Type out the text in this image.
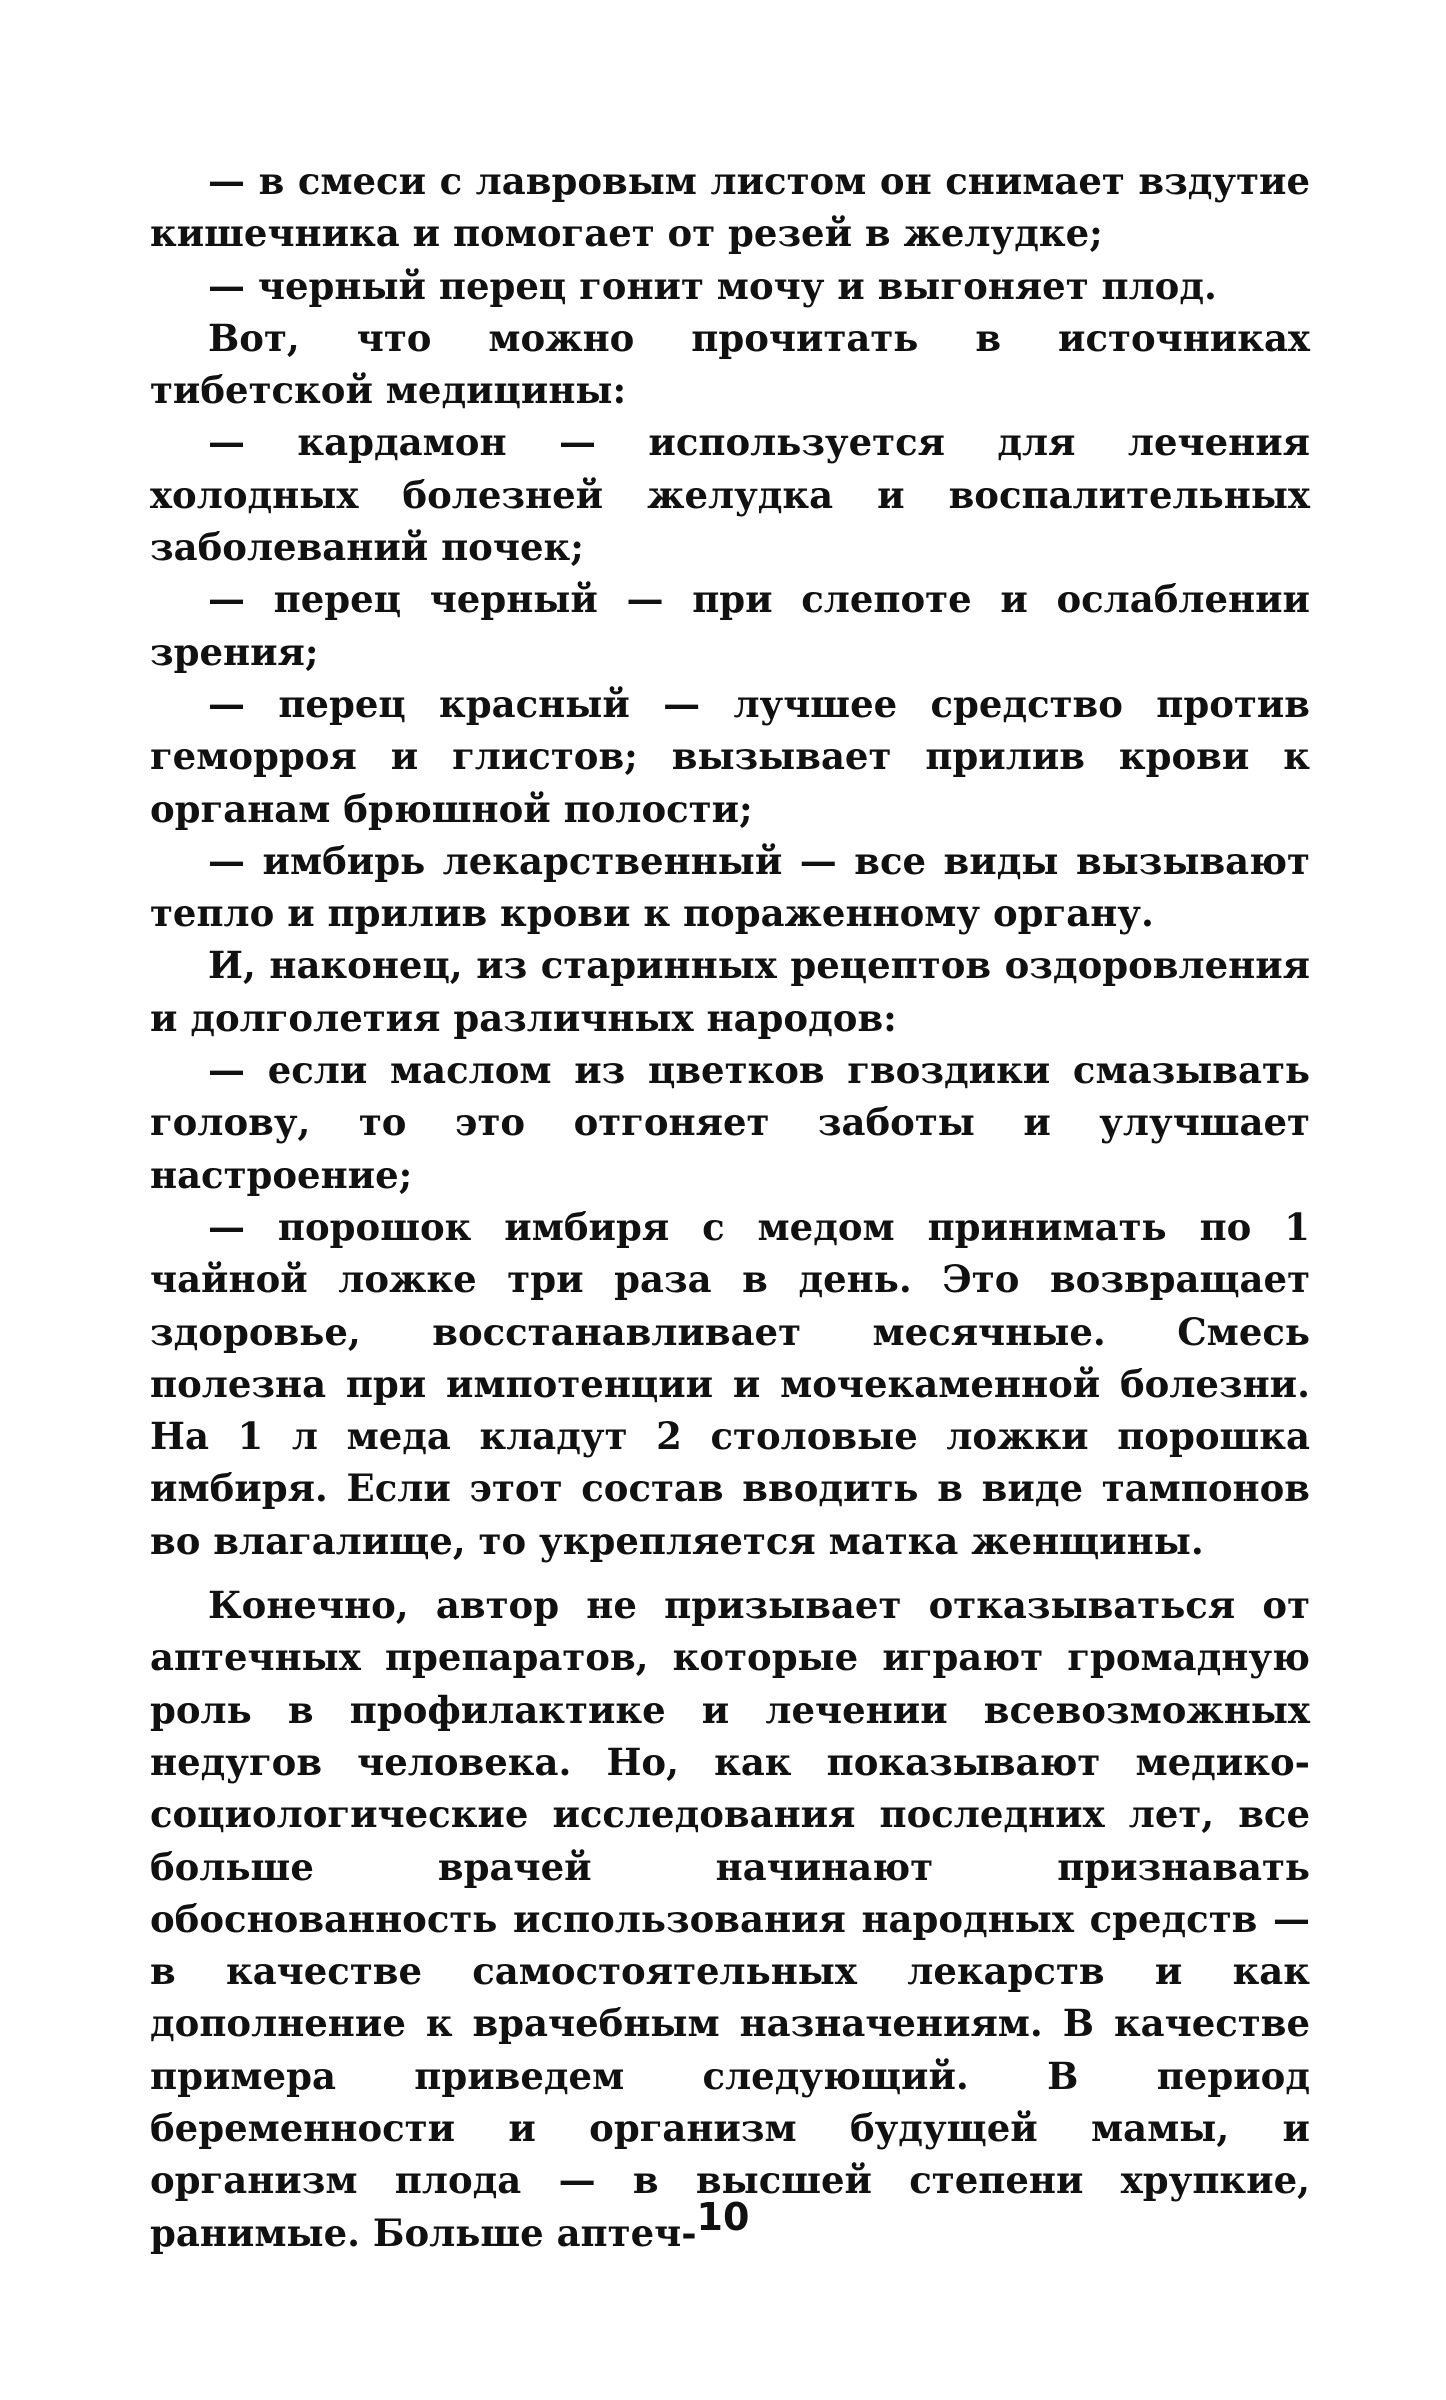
— в смеси с лавровым листом он снимает вздутие кишечника и помогает от резей в желудке;

— черный перец гонит мочу и выгоняет плод.

Вот, что можно прочитать в источниках тибетской медицины:

— кардамон — используется для лечения холодных болезней желудка и воспалительных заболеваний почек;

— перец черный — при слепоте и ослаблении зрения;

— перец красный — лучшее средство против геморроя и глистов; вызывает прилив крови к органам брюшной полости;

— имбирь лекарственный — все виды вызывают тепло и прилив крови к пораженному органу.

И, наконец, из старинных рецептов оздоровления и долголетия различных народов:

— если маслом из цветков гвоздики смазывать голову, то это отгоняет заботы и улучшает настроение;

— порошок имбиря с медом принимать по 1 чайной ложке три раза в день. Это возвращает здоровье, восстанавливает месячные. Смесь полезна при импотенции и мочекаменной болезни. На 1 л меда кладут 2 столовые ложки порошка имбиря. Если этот состав вводить в виде тампонов во влагалище, то укрепляется матка женщины.

Конечно, автор не призывает отказываться от аптечных препаратов, которые играют громадную роль в профилактике и лечении всевозможных недугов человека. Но, как показывают медико-социологические исследования последних лет, все больше врачей начинают признавать обоснованность использования народных средств — в качестве самостоятельных лекарств и как дополнение к врачебным назначениям. В качестве примера приведем следующий. В период беременности и организм будущей мамы, и организм плода — в высшей степени хрупкие, ранимые. Больше аптеч- 10
